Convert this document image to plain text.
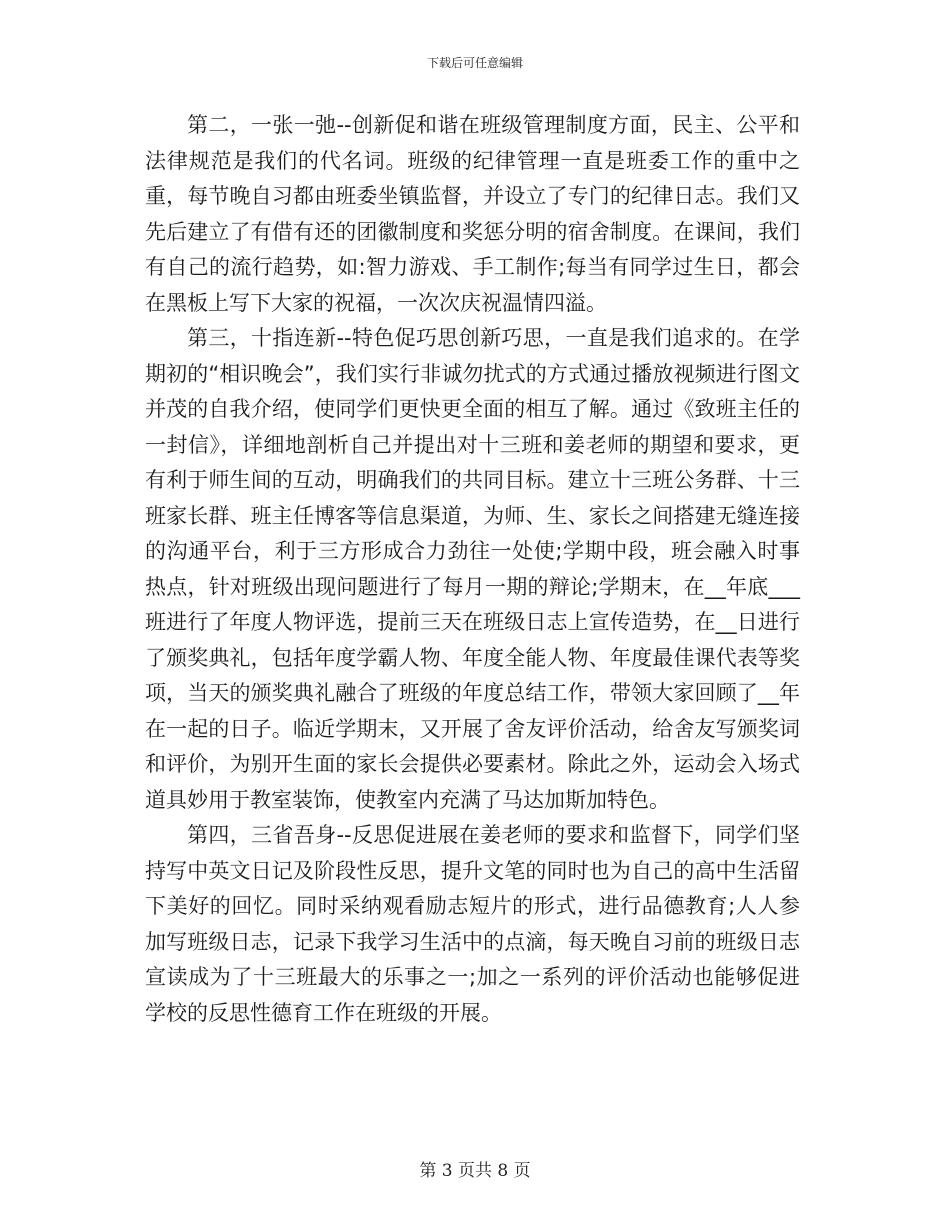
下载后可任意编辑

第二，一张一弛--创新促和谐在班级管理制度方面，民主、公平和法律规范是我们的代名词。班级的纪律管理一直是班委工作的重中之重，每节晚自习都由班委坐镇监督，并设立了专门的纪律日志。我们又先后建立了有借有还的团徽制度和奖惩分明的宿舍制度。在课间，我们有自己的流行趋势，如:智力游戏、手工制作;每当有同学过生日，都会在黑板上写下大家的祝福，一次次庆祝温情四溢。

第三，十指连新--特色促巧思创新巧思，一直是我们追求的。在学期初的“相识晚会”，我们实行非诚勿扰式的方式通过播放视频进行图文并茂的自我介绍，使同学们更快更全面的相互了解。通过《致班主任的一封信》，详细地剖析自己并提出对十三班和姜老师的期望和要求，更有利于师生间的互动，明确我们的共同目标。建立十三班公务群、十三班家长群、班主任博客等信息渠道，为师、生、家长之间搭建无缝连接的沟通平台，利于三方形成合力劲往一处使;学期中段，班会融入时事热点，针对班级出现问题进行了每月一期的辩论;学期末，在__年底___班进行了年度人物评选，提前三天在班级日志上宣传造势，在__日进行了颁奖典礼，包括年度学霸人物、年度全能人物、年度最佳课代表等奖项，当天的颁奖典礼融合了班级的年度总结工作，带领大家回顾了__年在一起的日子。临近学期末，又开展了舍友评价活动，给舍友写颁奖词和评价，为别开生面的家长会提供必要素材。除此之外，运动会入场式道具妙用于教室装饰，使教室内充满了马达加斯加特色。

第四，三省吾身--反思促进展在姜老师的要求和监督下，同学们坚持写中英文日记及阶段性反思，提升文笔的同时也为自己的高中生活留下美好的回忆。同时采纳观看励志短片的形式，进行品德教育;人人参加写班级日志，记录下我学习生活中的点滴，每天晚自习前的班级日志宣读成为了十三班最大的乐事之一;加之一系列的评价活动也能够促进学校的反思性德育工作在班级的开展。

第 3 页共 8 页
